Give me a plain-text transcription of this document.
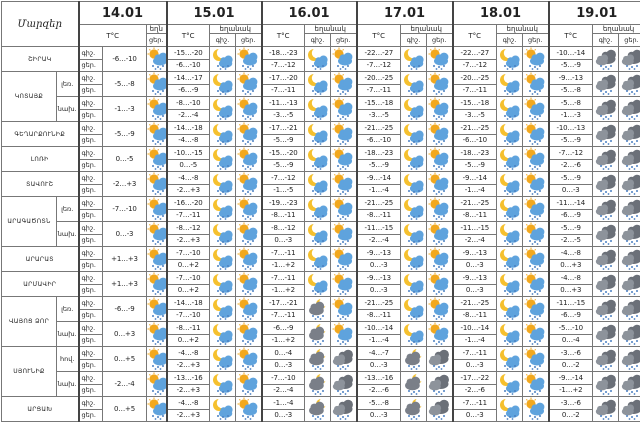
Մարզեր		14.01			15.01			16.01			17.01			18.01			19.01		
		T°C		եղն	T°C	եղանակ		T°C	եղանակ		T°C	եղանակ		T°C	եղանակ		T°C	եղանակ	
				ցեր.		գիշ.	ցեր.		գիշ.	ցեր.		գիշ.	ցեր.		գիշ.	ցեր.		գիշ.	ցեր.
ՇԻՐԱԿ		գիշ.	-6…-10		-15…-20			-18…-23			-22…-27			-22…-27			-10…-14	

		ցեր.			-6…-10			-7…-12			-7…-12			-7…-12			-5…-9		
ԿՈՏԱՅՔ	լեռ.	գիշ.	-5…-8		-14…-17			-17…-20			-20…-25			-20…-25			-9…-13	

		ցեր.			-6…-9			-7…-11			-7…-11			-7…-11			-5…-8		
	նախ.	գիշ.	-1…-3		-8…-10			-11…-13			-15…-18			-15…-18			-5…-8	

		ցեր.			-2…-4			-3…-5			-3…-5			-3…-5			-1…-3		
ԳԵՂԱՐՔՈՒՆԻՔ		գիշ.	-5…-9		-14…-18			-17…-21			-21…-25			-21…-25			-10…-13	

		ցեր.			-4…-8			-5…-9			-6…-10			-6…-10			-5…-9		
ԼՈՌԻ		գիշ.	0…-5		-10…-15			-15…-20			-18…-23			-18…-23			-7…-12	

		ցեր.			0…-5			-5…-9			-5…-9			-5…-9			-2…-6		
ՏԱՎՈՒՇ		գիշ.	-2…+3		-4…-8			-7…-12			-9…-14			-9…-14			-5…-9	

		ցեր.			-2…+3			-1…-5			-1…-4			-1…-4			0…-3		
ԱՐԱԳԱԾՈՏՆ	լեռ.	գիշ.	-7…-10		-16…-20			-19…-23			-21…-25			-21…-25			-11…-14	

		ցեր.			-7…-11			-8…-11			-8…-11			-8…-11			-6…-9		
	նախ.	գիշ.	0…-3		-8…-12			-8…-12			-11…-15			-11…-15			-5…-9	

		ցեր.			-2…+3			0…-3			-2…-4			-2…-4			-2…-5		
ԱՐԱՐԱՏ		գիշ.	+1…+3		-7…-10			-7…-11			-9…-13			-9…-13			-4…-8	

		ցեր.			0…+2			-1…+2			0…-3			0…-3			0…+3		
ԱՐՄԱՎԻՐ		գիշ.	+1…+3		-7…-10			-7…-11			-9…-13			-9…-13			-4…-8	

		ցեր.			0…+2			-1…+2			0…-3			0…-3			0…+3		
ՎԱՅՈՑ ՁՈՐ	լեռ.	գիշ.	-6…-9		-14…-18			-17…-21			-21…-25			-21…-25			-11…-15	

		ցեր.			-7…-10			-7…-11			-8…-11			-8…-11			-6…-9		
	նախ.	գիշ.	0…+3		-8…-11			-6…-9			-10…-14			-10…-14			-5…-10	

		ցեր.			0…+2			-1…+2			-1…-4			-1…-4			0…-4		
ՍՅՈՒՆԻՔ	հով.	գիշ.	0…+5		-4…-8			0…-4			-4…-7			-7…-11			-3…-6	

		ցեր.			-2…+3			0…-3			0…-3			0…-3			0…-2		
	նախ.	գիշ.	-2…-4		-13…-16			-7…-10			-13…-16			-17…-22			-9…-14	

		ցեր.			-2…+3			-2…-4			-2…-6			-2…-6			-1…+2		
ԱՐՑԱԽ		գիշ.	0…+5		-4…-8			-1…-4			-5…-8			-7…-11			-3…-6	

		ցեր.			-2…+3			0…-3			0…-3			0…-3			0…-2		
